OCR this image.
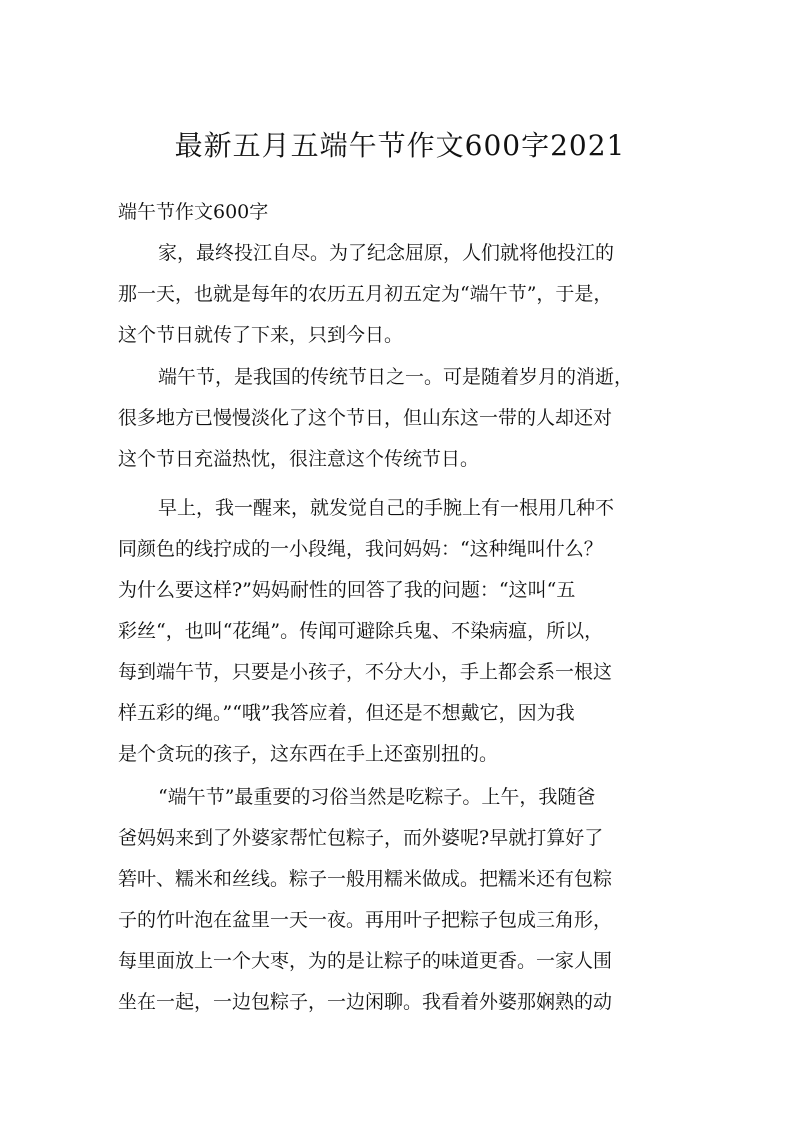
最新五月五端午节作文600字2021
端午节作文600字
家，最终投江自尽。为了纪念屈原，人们就将他投江的
那一天，也就是每年的农历五月初五定为“端午节”，于是，
这个节日就传了下来，只到今日。
端午节，是我国的传统节日之一。可是随着岁月的消逝，
很多地方已慢慢淡化了这个节日，但山东这一带的人却还对
这个节日充溢热忱，很注意这个传统节日。
早上，我一醒来，就发觉自己的手腕上有一根用几种不
同颜色的线拧成的一小段绳，我问妈妈：“这种绳叫什么？
为什么要这样?”妈妈耐性的回答了我的问题：“这叫“五
彩丝“，也叫“花绳”。传闻可避除兵鬼、不染病瘟，所以，
每到端午节，只要是小孩子，不分大小，手上都会系一根这
样五彩的绳。”“哦”我答应着，但还是不想戴它，因为我
是个贪玩的孩子，这东西在手上还蛮别扭的。
“端午节”最重要的习俗当然是吃粽子。上午，我随爸
爸妈妈来到了外婆家帮忙包粽子，而外婆呢?早就打算好了
箬叶、糯米和丝线。粽子一般用糯米做成。把糯米还有包粽
子的竹叶泡在盆里一天一夜。再用叶子把粽子包成三角形，
每里面放上一个大枣，为的是让粽子的味道更香。一家人围
坐在一起，一边包粽子，一边闲聊。我看着外婆那娴熟的动
